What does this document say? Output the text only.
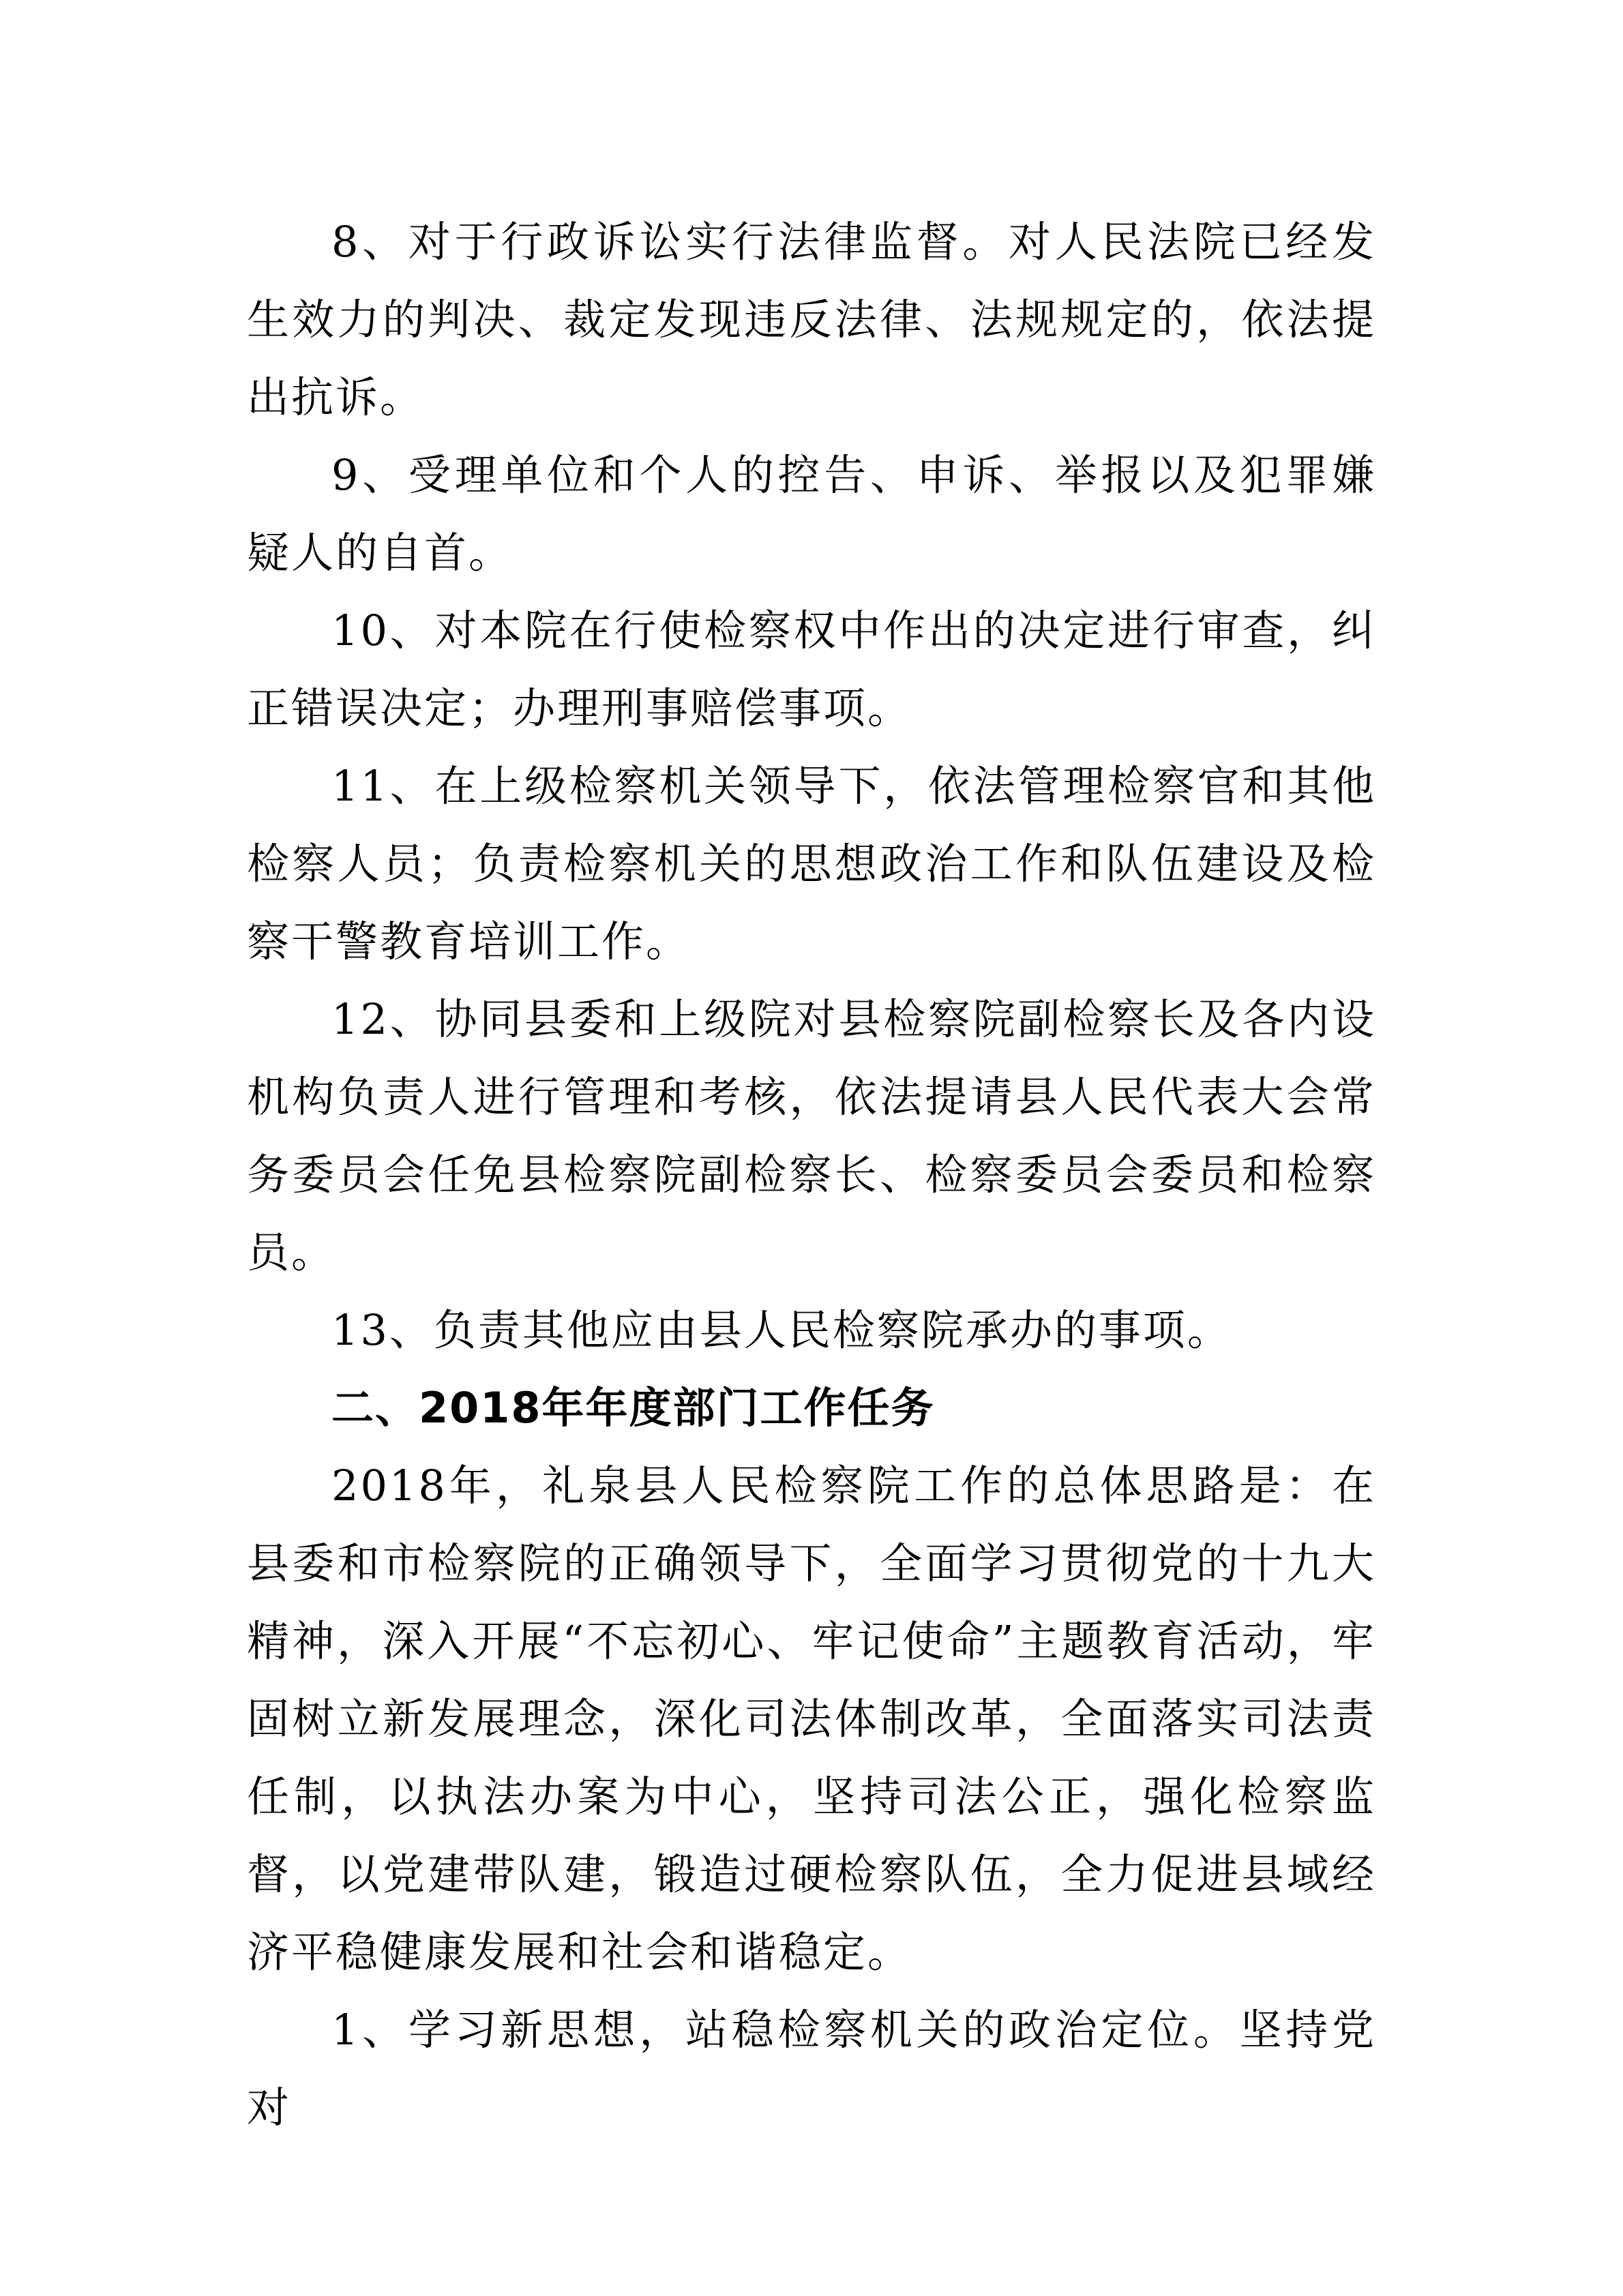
8、对于行政诉讼实行法律监督。对人民法院已经发生效力的判决、裁定发现违反法律、法规规定的，依法提出抗诉。

9、受理单位和个人的控告、申诉、举报以及犯罪嫌疑人的自首。

10、对本院在行使检察权中作出的决定进行审查，纠正错误决定；办理刑事赔偿事项。

11、在上级检察机关领导下，依法管理检察官和其他检察人员；负责检察机关的思想政治工作和队伍建设及检察干警教育培训工作。

12、协同县委和上级院对县检察院副检察长及各内设机构负责人进行管理和考核，依法提请县人民代表大会常务委员会任免县检察院副检察长、检察委员会委员和检察员。

13、负责其他应由县人民检察院承办的事项。

二、2018年年度部门工作任务

2018年，礼泉县人民检察院工作的总体思路是：在县委和市检察院的正确领导下，全面学习贯彻党的十九大精神，深入开展“不忘初心、牢记使命”主题教育活动，牢固树立新发展理念，深化司法体制改革，全面落实司法责任制，以执法办案为中心，坚持司法公正，强化检察监督，以党建带队建，锻造过硬检察队伍，全力促进县域经济平稳健康发展和社会和谐稳定。

1、学习新思想，站稳检察机关的政治定位。坚持党对
